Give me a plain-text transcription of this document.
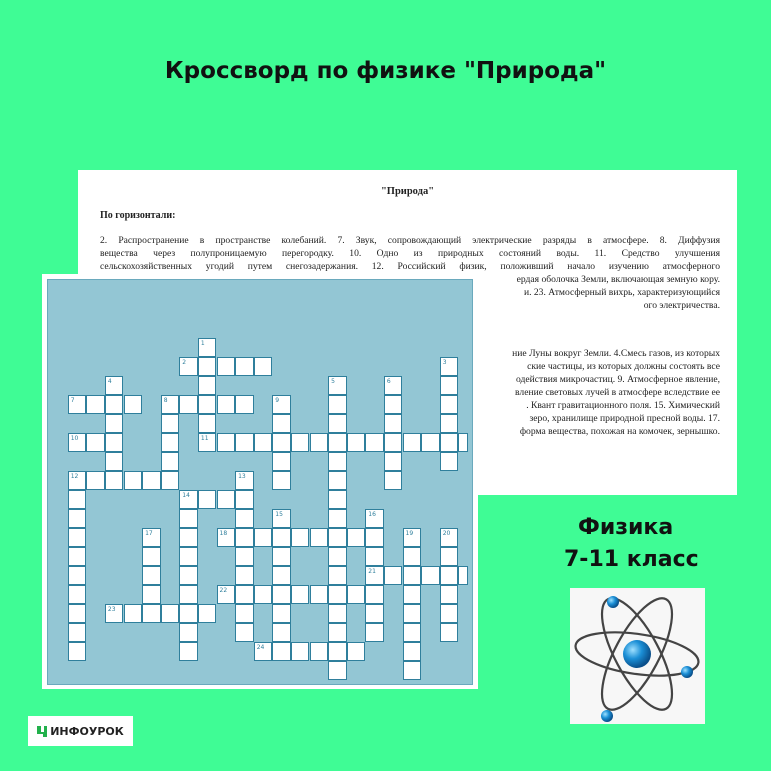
Кроссворд по физике "Природа"
"Природа"
По горизонтали:
2. Распространение в пространстве колебаний. 7. Звук, сопровождающий электрические разряды в атмосфере. 8. Диффузия
вещества через полупроницаемую перегородку. 10. Одно из природных состояний воды. 11. Средство улучшения
сельскохозяйственных угодий путем снегозадержания. 12. Российский физик, положивший начало изучению атмосферного
ердая оболочка Земли, включающая земную кору.
и. 23. Атмосферный вихрь, характеризующийся
ого электричества.
ние Луны вокруг Земли. 4.Смесь газов, из которых
ские частицы, из которых должны состоять все
одействия микрочастиц. 9. Атмосферное явление,
вление световых лучей в атмосфере вследствие ее
. Квант гравитационного поля. 15. Химический
зеро, хранилище природной пресной воды. 17.
форма вещества, похожая на комочек, зернышко.
1
2	3
4	5	6
7	8	9
10	11
12	13
14
15	16
17	18	19	20
21
22
23
24
Физика
7-11 класс
ИНФОУРОК
